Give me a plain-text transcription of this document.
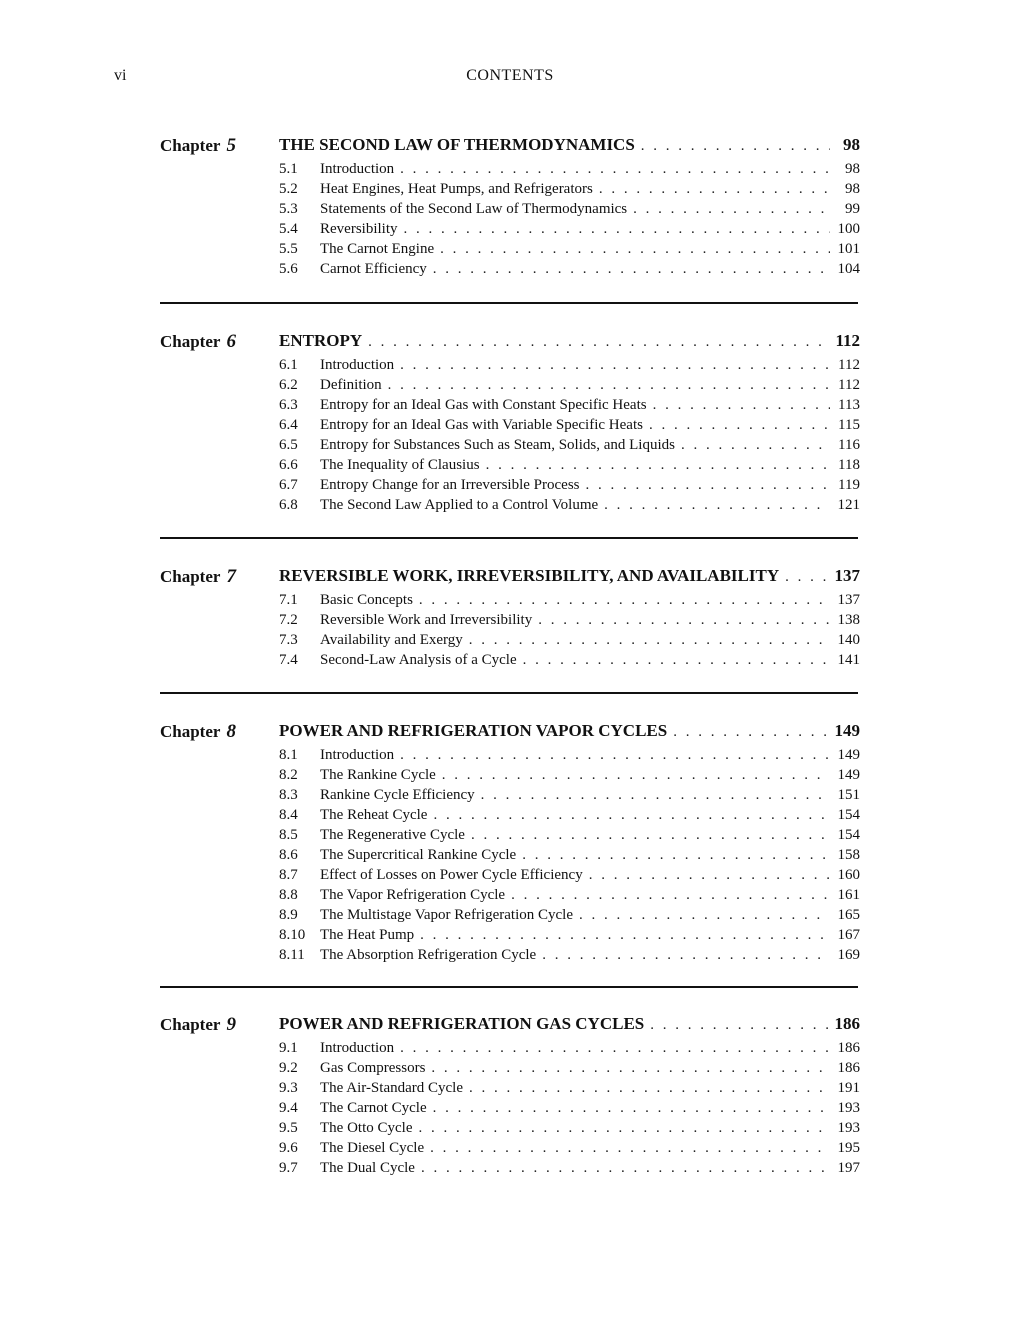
vi	CONTENTS
Chapter 5	THE SECOND LAW OF THERMODYNAMICS . . .	98
5.1	Introduction . . .	98
5.2	Heat Engines, Heat Pumps, and Refrigerators . . .	98
5.3	Statements of the Second Law of Thermodynamics . . .	99
5.4	Reversibility . . .	100
5.5	The Carnot Engine . . .	101
5.6	Carnot Efficiency . . .	104
Chapter 6	ENTROPY . . .	112
6.1	Introduction . . .	112
6.2	Definition . . .	112
6.3	Entropy for an Ideal Gas with Constant Specific Heats . . .	113
6.4	Entropy for an Ideal Gas with Variable Specific Heats . . .	115
6.5	Entropy for Substances Such as Steam, Solids, and Liquids . . .	116
6.6	The Inequality of Clausius . . .	118
6.7	Entropy Change for an Irreversible Process . . .	119
6.8	The Second Law Applied to a Control Volume . . .	121
Chapter 7	REVERSIBLE WORK, IRREVERSIBILITY, AND AVAILABILITY . . .	137
7.1	Basic Concepts . . .	137
7.2	Reversible Work and Irreversibility . . .	138
7.3	Availability and Exergy . . .	140
7.4	Second-Law Analysis of a Cycle . . .	141
Chapter 8	POWER AND REFRIGERATION VAPOR CYCLES . . .	149
8.1	Introduction . . .	149
8.2	The Rankine Cycle . . .	149
8.3	Rankine Cycle Efficiency . . .	151
8.4	The Reheat Cycle . . .	154
8.5	The Regenerative Cycle . . .	154
8.6	The Supercritical Rankine Cycle . . .	158
8.7	Effect of Losses on Power Cycle Efficiency . . .	160
8.8	The Vapor Refrigeration Cycle . . .	161
8.9	The Multistage Vapor Refrigeration Cycle . . .	165
8.10 The Heat Pump . . .	167
8.11	The Absorption Refrigeration Cycle . . .	169
Chapter 9	POWER AND REFRIGERATION GAS CYCLES . . .	186
9.1	Introduction . . .	186
9.2	Gas Compressors . . .	186
9.3	The Air-Standard Cycle . . .	191
9.4	The Carnot Cycle . . .	193
9.5	The Otto Cycle . . .	193
9.6	The Diesel Cycle . . .	195
9.7	The Dual Cycle . . .	197
